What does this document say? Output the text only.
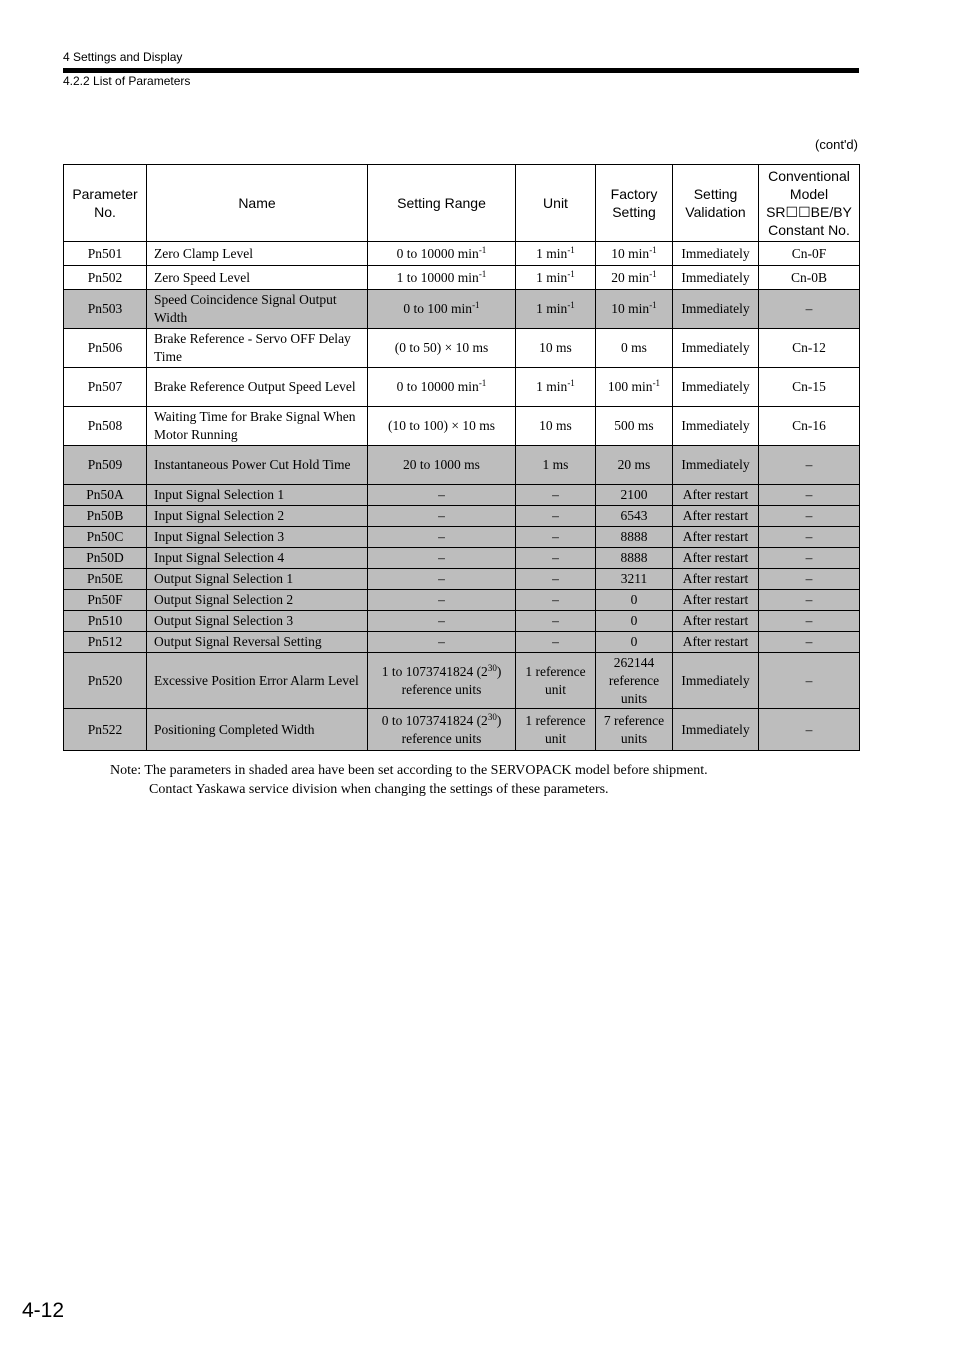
4 Settings and Display
4.2.2 List of Parameters
(cont'd)
Parameter No.	Name	Setting Range	Unit	Factory Setting	Setting Validation	Conventional Model SR☐☐BE/BY Constant No.
Pn501	Zero Clamp Level	0 to 10000 $\min^{-1}$	1 $\min^{-1}$	10 $\min^{-1}$	Immediately	Cn-0F
Pn502	Zero Speed Level	1 to 10000 $\min^{-1}$	1 $\min^{-1}$	20 $\min^{-1}$	Immediately	Cn-0B
Pn503	Speed Coincidence Signal Output Width	0 to 100 $\min^{-1}$	1 $\min^{-1}$	10 $\min^{-1}$	Immediately	–
Pn506	Brake Reference - Servo OFF Delay Time	(0 to 50) × 10 ms	10 ms	0 ms	Immediately	Cn-12
Pn507	Brake Reference Output Speed Level	0 to 10000 $\min^{-1}$	1 $\min^{-1}$	100 $\min^{-1}$	Immediately	Cn-15
Pn508	Waiting Time for Brake Signal When Motor Running	(10 to 100) × 10 ms	10 ms	500 ms	Immediately	Cn-16
Pn509	Instantaneous Power Cut Hold Time	20 to 1000 ms	1 ms	20 ms	Immediately	–
Pn50A	Input Signal Selection 1	–	–	2100	After restart	–
Pn50B	Input Signal Selection 2	–	–	6543	After restart	–
Pn50C	Input Signal Selection 3	–	–	8888	After restart	–
Pn50D	Input Signal Selection 4	–	–	8888	After restart	–
Pn50E	Output Signal Selection 1	–	–	3211	After restart	–
Pn50F	Output Signal Selection 2	–	–	0	After restart	–
Pn510	Output Signal Selection 3	–	–	0	After restart	–
Pn512	Output Signal Reversal Setting	–	–	0	After restart	–
Pn520	Excessive Position Error Alarm Level	1 to 1073741824 $(2^{30})$ reference units	1 reference unit	262144 reference units	Immediately	–
Pn522	Positioning Completed Width	0 to 1073741824 $(2^{30})$ reference units	1 reference unit	7 reference units	Immediately	–
Note: The parameters in shaded area have been set according to the SERVOPACK model before shipment.
Contact Yaskawa service division when changing the settings of these parameters.
4-12
